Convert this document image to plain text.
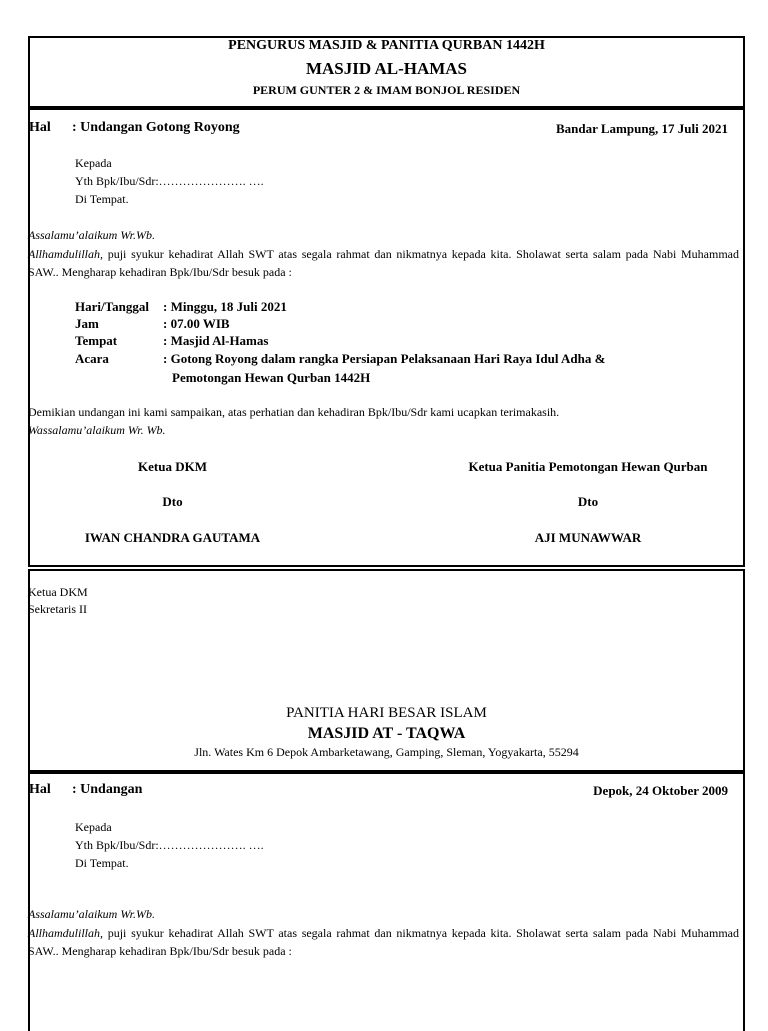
PENGURUS MASJID & PANITIA QURBAN 1442H
MASJID AL-HAMAS
PERUM GUNTER 2 & IMAM BONJOL RESIDEN
Hal : Undangan Gotong Royong	Bandar Lampung, 17 Juli 2021
Kepada
Yth Bpk/Ibu/Sdr:…………………. ….
Di Tempat.
Assalamu’alaikum Wr.Wb.
Allhamdulillah, puji syukur kehadirat Allah SWT atas segala rahmat dan nikmatnya kepada kita. Sholawat serta salam pada Nabi Muhammad SAW.. Mengharap kehadiran Bpk/Ibu/Sdr besuk pada :
Hari/Tanggal : Minggu, 18 Juli 2021
Jam	: 07.00 WIB
Tempat	: Masjid Al-Hamas
Acara	: Gotong Royong dalam rangka Persiapan Pelaksanaan Hari Raya Idul Adha &
Pemotongan Hewan Qurban 1442H
Demikian undangan ini kami sampaikan, atas perhatian dan kehadiran Bpk/Ibu/Sdr kami ucapkan terimakasih.
Wassalamu’alaikum Wr. Wb.
Ketua DKM
Dto
IWAN CHANDRA GAUTAMA
Ketua Panitia Pemotongan Hewan Qurban
Dto
AJI MUNAWWAR
Ketua DKM
Sekretaris II
PANITIA HARI BESAR ISLAM
MASJID AT - TAQWA
Jln. Wates Km 6 Depok Ambarketawang, Gamping, Sleman, Yogyakarta, 55294
Hal : Undangan	Depok, 24 Oktober 2009
Kepada
Yth Bpk/Ibu/Sdr:…………………. ….
Di Tempat.
Assalamu’alaikum Wr.Wb.
Allhamdulillah, puji syukur kehadirat Allah SWT atas segala rahmat dan nikmatnya kepada kita. Sholawat serta salam pada Nabi Muhammad SAW.. Mengharap kehadiran Bpk/Ibu/Sdr besuk pada :
